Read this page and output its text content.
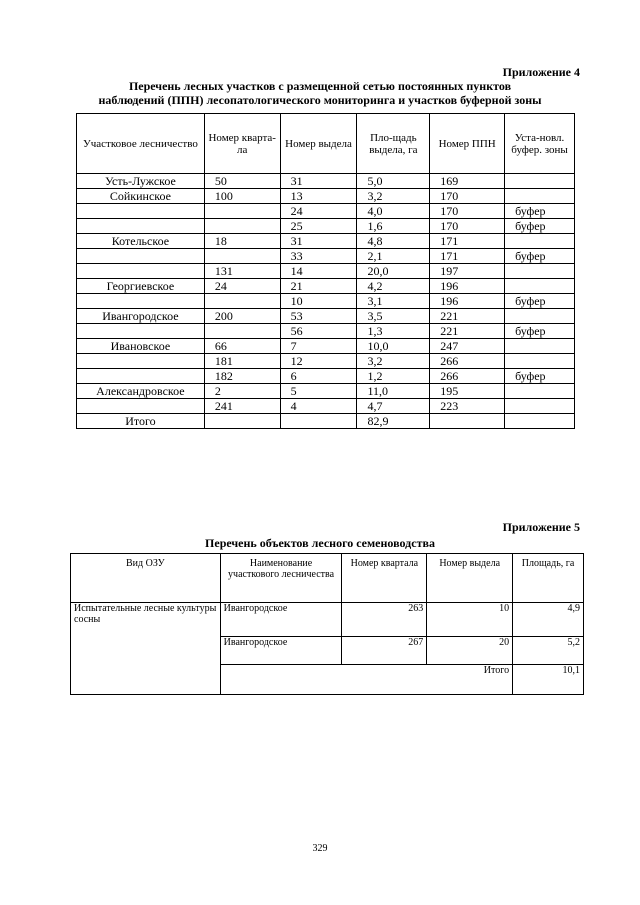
Приложение 4
Перечень лесных участков с размещенной сетью постоянных пунктов
наблюдений (ППН) лесопатологического мониторинга и участков буферной зоны
Участковое лесничество	Номер кварта-ла	Номер выдела	Пло-щадь выдела, га	Номер ППН	Уста-новл. буфер. зоны
Усть-Лужское	50	31	5,0	169	
Сойкинское	100	13	3,2	170	
		24	4,0	170	буфер
		25	1,6	170	буфер
Котельское	18	31	4,8	171	
		33	2,1	171	буфер
	131	14	20,0	197	
Георгиевское	24	21	4,2	196	
		10	3,1	196	буфер
Ивангородское	200	53	3,5	221	
		56	1,3	221	буфер
Ивановское	66	7	10,0	247	
	181	12	3,2	266	
	182	6	1,2	266	буфер
Александровское	2	5	11,0	195	
	241	4	4,7	223	
Итого			82,9		
Приложение 5
Перечень объектов лесного семеноводства
Вид ОЗУ	Наименование участкового лесничества	Номер квартала	Номер выдела	Площадь, га
Испытательные лесные культуры сосны	Ивангородское	263	10	4,9
	Ивангородское	267	20	5,2
	Итого			10,1
329
